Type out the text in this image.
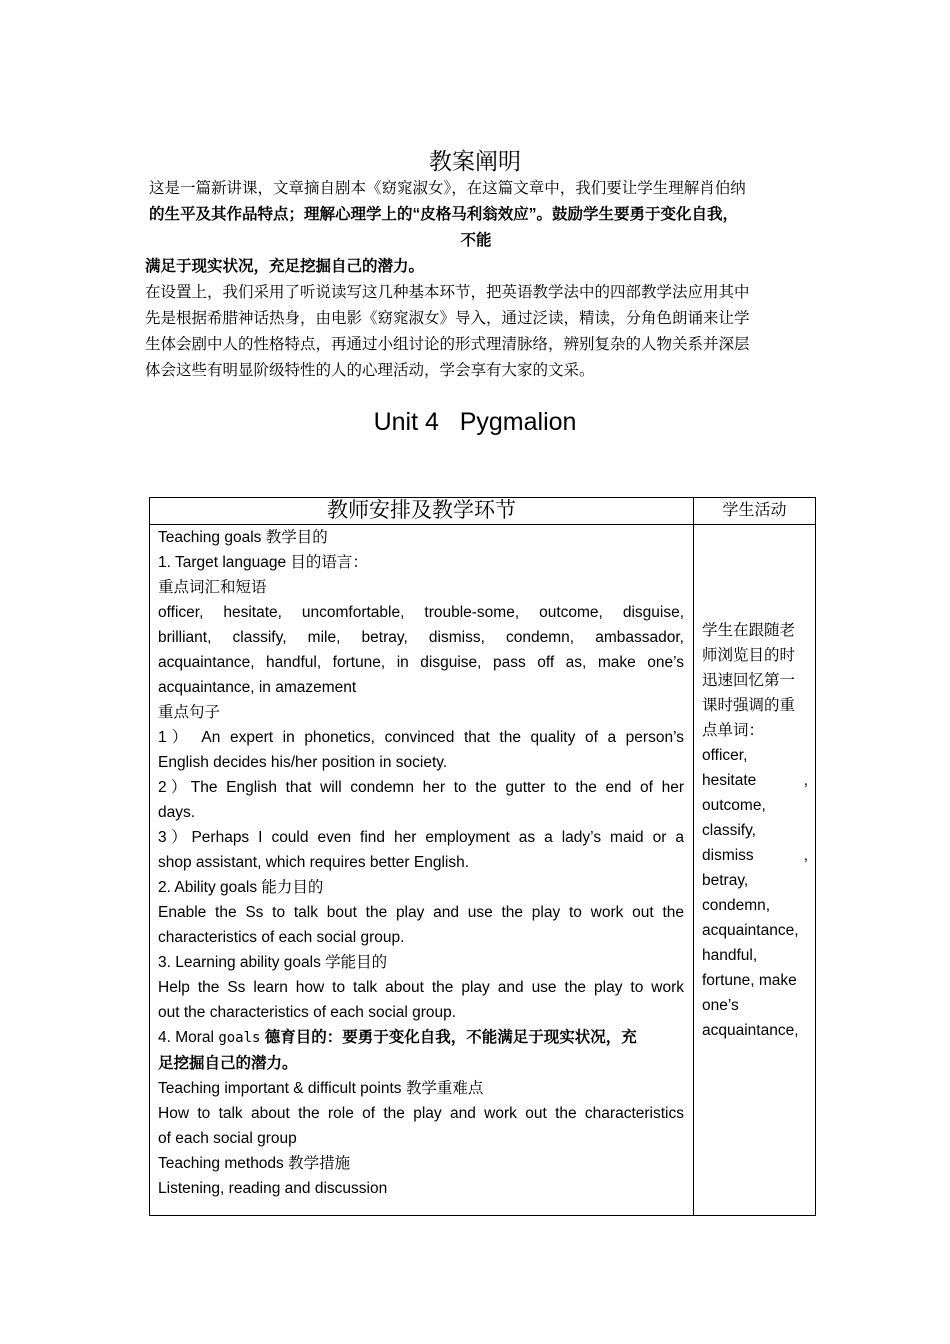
教案阐明
这是一篇新讲课，文章摘自剧本《窈窕淑女》，在这篇文章中，我们要让学生理解肖伯纳
的生平及其作品特点；理解心理学上的“皮格马利翁效应”。鼓励学生要勇于变化自我，
不能
满足于现实状况，充足挖掘自己的潜力。
在设置上，我们采用了听说读写这几种基本环节，把英语教学法中的四部教学法应用其中
先是根据希腊神话热身，由电影《窈窕淑女》导入，通过泛读，精读，分角色朗诵来让学
生体会剧中人的性格特点，再通过小组讨论的形式理清脉络，辨别复杂的人物关系并深层
体会这些有明显阶级特性的人的心理活动，学会享有大家的文采。
Unit 4   Pygmalion
教师安排及教学环节	学生活动
Teaching goals 教学目的
1. Target language 目的语言：
重点词汇和短语
officer, hesitate, uncomfortable, trouble-some, outcome, disguise,
brilliant, classify, mile, betray, dismiss, condemn, ambassador,
acquaintance, handful, fortune, in disguise, pass off as, make one’s
acquaintance, in amazement
重点句子
1） An expert in phonetics, convinced that the quality of a person’s
English decides his/her position in society.
2）The English that will condemn her to the gutter to the end of her
days.
3）Perhaps I could even find her employment as a lady’s maid or a
shop assistant, which requires better English.
2. Ability goals 能力目的
Enable the Ss to talk bout the play and use the play to work out the
characteristics of each social group.
3. Learning ability goals 学能目的
Help the Ss learn how to talk about the play and use the play to work
out the characteristics of each social group.
4. Moral goals 德育目的：要勇于变化自我，不能满足于现实状况，充
足挖掘自己的潜力。
Teaching important & difficult points 教学重难点
How to talk about the role of the play and work out the characteristics
of each social group
Teaching methods 教学措施
Listening, reading and discussion
学生在跟随老
师浏览目的时
迅速回忆第一
课时强调的重
点单词：
officer,
hesitate	,
outcome,
classify,
dismiss	,
betray,
condemn,
acquaintance,
handful,
fortune, make
one’s
acquaintance,
